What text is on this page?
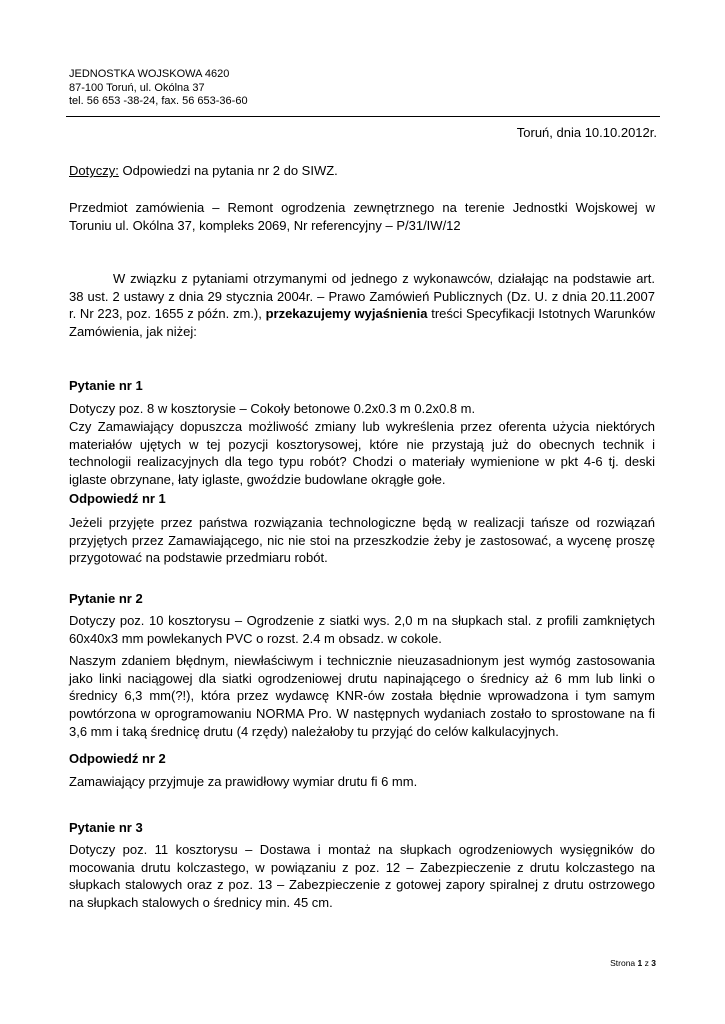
JEDNOSTKA WOJSKOWA 4620
87-100 Toruń, ul. Okólna 37
tel. 56 653 -38-24, fax. 56 653-36-60
Toruń, dnia 10.10.2012r.
Dotyczy: Odpowiedzi na pytania nr 2 do SIWZ.
Przedmiot zamówienia – Remont ogrodzenia zewnętrznego na terenie Jednostki Wojskowej w Toruniu ul. Okólna 37, kompleks 2069, Nr referencyjny – P/31/IW/12
W związku z pytaniami otrzymanymi od jednego z wykonawców, działając na podstawie art. 38 ust. 2 ustawy z dnia 29 stycznia 2004r. – Prawo Zamówień Publicznych (Dz. U. z dnia 20.11.2007 r. Nr 223, poz. 1655 z późn. zm.), przekazujemy wyjaśnienia treści Specyfikacji Istotnych Warunków Zamówienia, jak niżej:
Pytanie nr 1
Dotyczy poz. 8 w kosztorysie – Cokoły betonowe 0.2x0.3 m 0.2x0.8 m.

Czy Zamawiający dopuszcza możliwość zmiany lub wykreślenia przez oferenta użycia niektórych materiałów ujętych w tej pozycji kosztorysowej, które nie przystają już do obecnych technik i technologii realizacyjnych dla tego typu robót? Chodzi o materiały wymienione w pkt 4-6 tj. deski iglaste obrzynane, łaty iglaste, gwoździe budowlane okrągłe gołe.

Odpowiedź nr 1
Jeżeli przyjęte przez państwa rozwiązania technologiczne będą w realizacji tańsze od rozwiązań przyjętych przez Zamawiającego, nic nie stoi na przeszkodzie żeby je zastosować, a wycenę proszę przygotować na podstawie przedmiaru robót.
Pytanie nr 2
Dotyczy poz. 10 kosztorysu – Ogrodzenie z siatki wys. 2,0 m na słupkach stal. z profili zamkniętych 60x40x3 mm powlekanych PVC o rozst. 2.4 m obsadz. w cokole.
Naszym zdaniem błędnym, niewłaściwym i technicznie nieuzasadnionym jest wymóg zastosowania jako linki naciągowej dla siatki ogrodzeniowej drutu napinającego o średnicy aż 6 mm lub linki o średnicy 6,3 mm(?!), która przez wydawcę KNR-ów została błędnie wprowadzona i tym samym powtórzona w oprogramowaniu NORMA Pro. W następnych wydaniach zostało to sprostowane na fi 3,6 mm i taką średnicę drutu (4 rzędy) należałoby tu przyjąć do celów kalkulacyjnych.
Odpowiedź nr 2
Zamawiający przyjmuje za prawidłowy wymiar drutu fi 6 mm.
Pytanie nr 3
Dotyczy poz. 11 kosztorysu – Dostawa i montaż na słupkach ogrodzeniowych wysięgników do mocowania drutu kolczastego, w powiązaniu z poz. 12 – Zabezpieczenie z drutu kolczastego na słupkach stalowych oraz z poz. 13 – Zabezpieczenie z gotowej zapory spiralnej z drutu ostrzowego na słupkach stalowych o średnicy min. 45 cm.
Strona 1 z 3
